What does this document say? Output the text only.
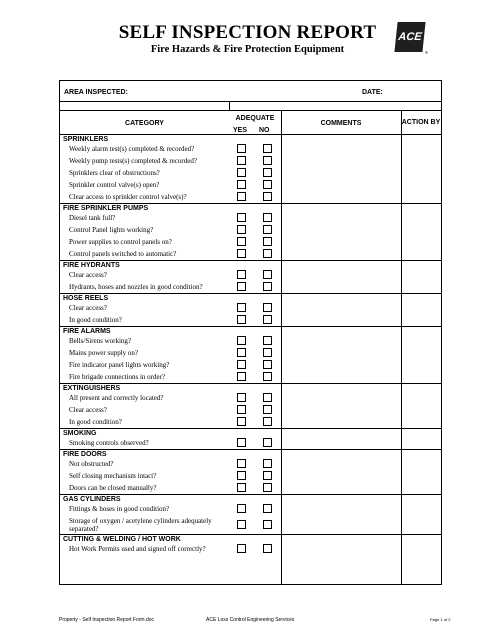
SELF INSPECTION REPORT
Fire Hazards & Fire Protection Equipment
ACE
®
AREA INSPECTED:	DATE:
CATEGORY
ADEQUATE
YES NO
COMMENTS	ACTION BY
SPRINKLERS
Weekly alarm test(s) completed & recorded?
Weekly pump tests(s) completed & recorded?
Sprinklers clear of obstructions?
Sprinkler control valve(s) open?
Clear access to sprinkler control valve(s)?
FIRE SPRINKLER PUMPS
Diesel tank full?
Control Panel lights working?
Power supplies to control panels on?
Control panels switched to automatic?
FIRE HYDRANTS
Clear access?
Hydrants, hoses and nozzles in good condition?
HOSE REELS
Clear access?
In good condition?
FIRE ALARMS
Bells/Sirens working?
Mains power supply on?
Fire indicator panel lights working?
Fire brigade connections in order?
EXTINGUISHERS
All present and correctly located?
Clear access?
In good condition?
SMOKING
Smoking controls observed?
FIRE DOORS
Not obstructed?
Self closing mechanism intact?
Doors can be closed manually?
GAS CYLINDERS
Fittings & hoses in good condition?
Storage of oxygen / acetylene cylinders adequately separated?
CUTTING & WELDING / HOT WORK
Hot Work Permits used and signed off correctly?
Property - Self Inspection Report Form.doc	ACE Loss Control Engineering Services	Page 1 of 2
